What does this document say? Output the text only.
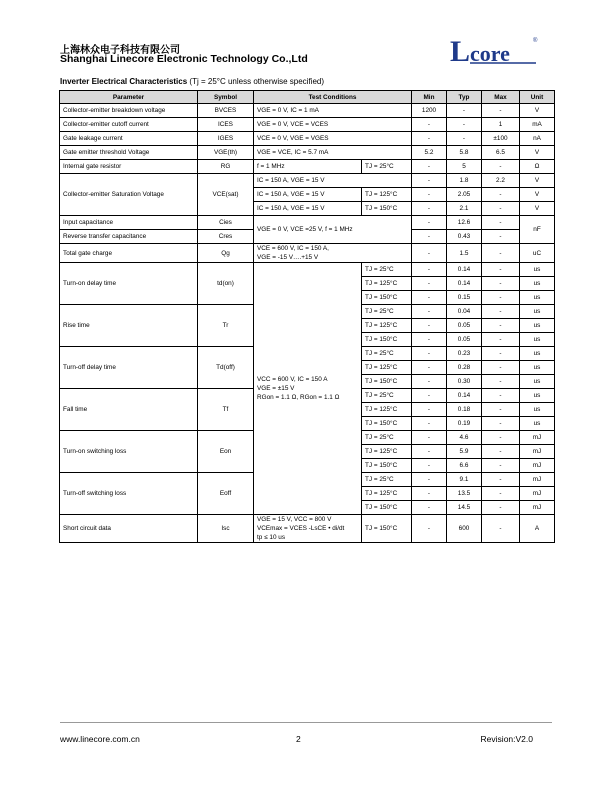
上海林众电子科技有限公司
Shanghai Linecore Electronic Technology Co.,Ltd	L core	®
Inverter Electrical Characteristics (Tj = 25°C unless otherwise specified)
Parameter	Symbol	Test Conditions		Min	Typ	Max	Unit
Collector-emitter breakdown voltage	BVCES	VGE = 0 V, IC = 1 mA		1200	-	-	V
Collector-emitter cutoff current	ICES	VGE = 0 V, VCE = VCES		-	-	1	mA
Gate leakage current	IGES	VCE = 0 V, VGE = VGES		-	-	±100	nA
Gate emitter threshold Voltage	VGE(th)	VGE = VCE, IC = 5.7 mA		5.2	5.8	6.5	V
Internal gate resistor	RG	f = 1 MHz	TJ = 25°C	-	5	-	Ω
Collector-emitter Saturation Voltage	VCE(sat)	IC = 150 A, VGE = 15 V		-	1.8	2.2	V
		IC = 150 A, VGE = 15 V	TJ = 125°C	-	2.05	-	V
		IC = 150 A, VGE = 15 V	TJ = 150°C	-	2.1	-	V
Input capacitance	Cies	VGE = 0 V, VCE =25 V, f = 1 MHz		-	12.6	-	nF
Reverse transfer capacitance	Cres			-	0.43	-	
Total gate charge	Qg	VCE = 600 V, IC = 150 A,
VGE = -15 V….+15 V		-	1.5	-	uC
Turn-on delay time	td(on)	VCC = 600 V, IC = 150 A
VGE = ±15 V
RGon = 1.1 Ω, RGon = 1.1 Ω	TJ = 25°C	-	0.14	-	us
			TJ = 125°C	-	0.14	-	us
			TJ = 150°C	-	0.15	-	us
Rise time	Tr		TJ = 25°C	-	0.04	-	us
			TJ = 125°C	-	0.05	-	us
			TJ = 150°C	-	0.05	-	us
Turn-off delay time	Td(off)		TJ = 25°C	-	0.23	-	us
			TJ = 125°C	-	0.28	-	us
			TJ = 150°C	-	0.30	-	us
Fall time	Tf		TJ = 25°C	-	0.14	-	us
			TJ = 125°C	-	0.18	-	us
			TJ = 150°C	-	0.19	-	us
Turn-on switching loss	Eon		TJ = 25°C	-	4.6	-	mJ
			TJ = 125°C	-	5.9	-	mJ
			TJ = 150°C	-	6.6	-	mJ
Turn-off switching loss	Eoff		TJ = 25°C	-	9.1	-	mJ
			TJ = 125°C	-	13.5	-	mJ
			TJ = 150°C	-	14.5	-	mJ
Short circuit data	Isc	VGE = 15 V, VCC = 800 V
VCEmax = VCES -LsCE • di/dt
tp ≤ 10 us	TJ = 150°C	-	600	-	A
www.linecore.com.cn	2	Revision:V2.0
